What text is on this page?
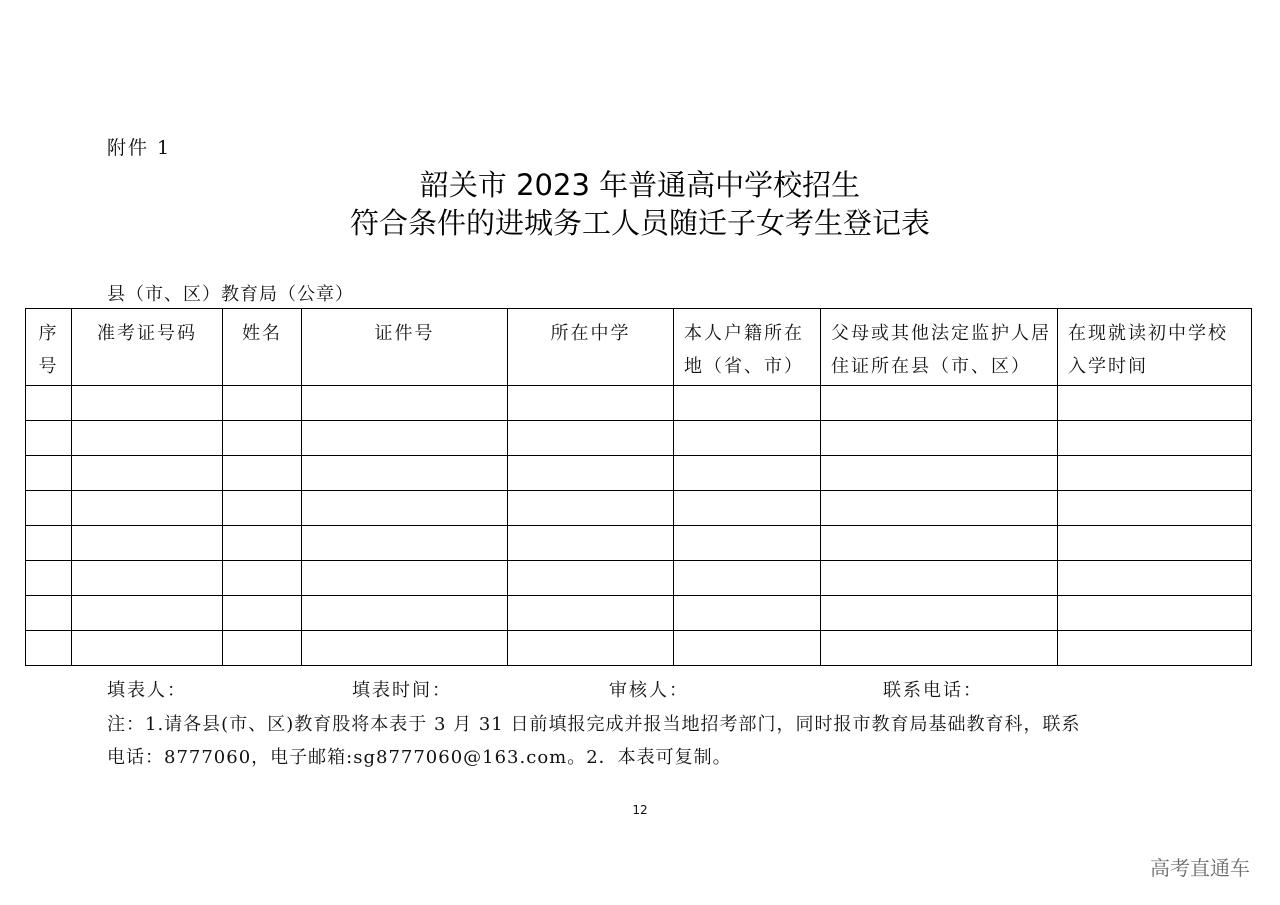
附件 1
韶关市 2023 年普通高中学校招生
符合条件的进城务工人员随迁子女考生登记表
县（市、区）教育局（公章）
序号	准考证号码	姓名	证件号	所在中学	本人户籍所在地（省、市）	父母或其他法定监护人居住证所在县（市、区）	在现就读初中学校入学时间

填表人：	填表时间：	审核人：	联系电话：
注：1.请各县(市、区)教育股将本表于 3 月 31 日前填报完成并报当地招考部门，同时报市教育局基础教育科，联系
电话：8777060，电子邮箱:sg8777060@163.com。2．本表可复制。
12
高考直通车
